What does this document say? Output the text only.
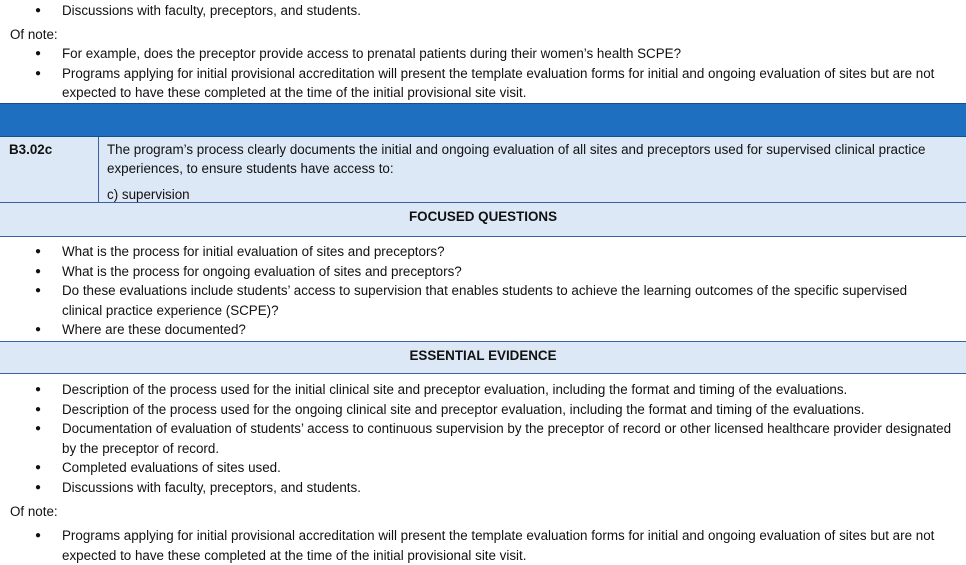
● Discussions with faculty, preceptors, and students.
Of note:
● For example, does the preceptor provide access to prenatal patients during their women’s health SCPE?
● Programs applying for initial provisional accreditation will present the template evaluation forms for initial and ongoing evaluation of sites but are not expected to have these completed at the time of the initial provisional site visit.
B3.02c	The program’s process clearly documents the initial and ongoing evaluation of all sites and preceptors used for supervised clinical practice experiences, to ensure students have access to:

c) supervision

FOCUSED QUESTIONS
● What is the process for initial evaluation of sites and preceptors?
● What is the process for ongoing evaluation of sites and preceptors?
● Do these evaluations include students’ access to supervision that enables students to achieve the learning outcomes of the specific supervised clinical practice experience (SCPE)?
● Where are these documented?
ESSENTIAL EVIDENCE
● Description of the process used for the initial clinical site and preceptor evaluation, including the format and timing of the evaluations.
● Description of the process used for the ongoing clinical site and preceptor evaluation, including the format and timing of the evaluations.
● Documentation of evaluation of students’ access to continuous supervision by the preceptor of record or other licensed healthcare provider designated by the preceptor of record.
● Completed evaluations of sites used.
● Discussions with faculty, preceptors, and students.
Of note:
● Programs applying for initial provisional accreditation will present the template evaluation forms for initial and ongoing evaluation of sites but are not expected to have these completed at the time of the initial provisional site visit.
